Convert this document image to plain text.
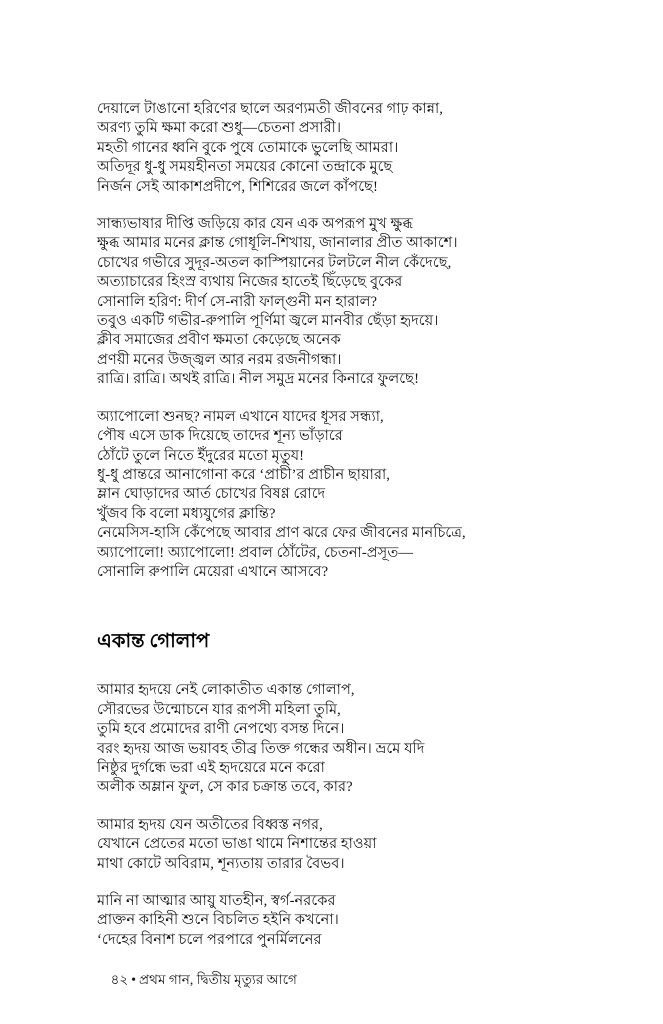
দেয়ালে টাঙানো হরিণের ছালে অরণ্যমতী জীবনের গাঢ় কান্না,
অরণ্য তুমি ক্ষমা করো শুধু—চেতনা প্রসারী।
মহতী গানের ধ্বনি বুকে পুষে তোমাকে ভুলেছি আমরা।
অতিদূর ধু-ধু সময়হীনতা সময়ের কোনো তন্দ্রাকে মুছে
নির্জন সেই আকাশপ্রদীপে, শিশিরের জলে কাঁপছে!
সান্ধ্যভাষার দীপ্তি জড়িয়ে কার যেন এক অপরূপ মুখ ক্ষুব্ধ
ক্ষুব্ধ আমার মনের ক্লান্ত গোধূলি-শিখায়, জানালার প্রীত আকাশে।
চোখের গভীরে সুদূর-অতল কাস্পিয়ানের টলটলে নীল কেঁদেছে,
অত্যাচারের হিংস্র ব্যথায় নিজের হাতেই ছিঁড়েছে বুকের
সোনালি হরিণ: দীর্ণ সে-নারী ফাল্গুনী মন হারাল?
তবুও একটি গভীর-রুপালি পূর্ণিমা জ্বলে মানবীর ছেঁড়া হৃদয়ে।
ক্লীব সমাজের প্রবীণ ক্ষমতা কেড়েছে অনেক
প্রণয়ী মনের উজ্জ্বল আর নরম রজনীগন্ধা।
রাত্রি। রাত্রি। অথই রাত্রি। নীল সমুদ্র মনের কিনারে ফুলছে!
অ্যাপোলো শুনছ? নামল এখানে যাদের ধূসর সন্ধ্যা,
পৌষ এসে ডাক দিয়েছে তাদের শূন্য ভাঁড়ারে
ঠোঁটে তুলে নিতে ইঁদুরের মতো মৃতু্য!
ধু-ধু প্রান্তরে আনাগোনা করে ‘প্রাচী’র প্রাচীন ছায়ারা,
ম্লান ঘোড়াদের আর্ত চোখের বিষণ্ণ রোদে
খুঁজব কি বলো মধ্যযুগের ক্লান্তি?
নেমেসিস-হাসি কেঁপেছে আবার প্রাণ ঝরে ফের জীবনের মানচিত্রে,
অ্যাপোলো! অ্যাপোলো! প্রবাল ঠোঁটের, চেতনা-প্রসূত—
সোনালি রুপালি মেয়েরা এখানে আসবে?
একান্ত গোলাপ
আমার হৃদয়ে নেই লোকাতীত একান্ত গোলাপ,
সৌরভের উন্মোচনে যার রূপসী মহিলা তুমি,
তুমি হবে প্রমোদের রাণী নেপথ্যে বসন্ত দিনে।
বরং হৃদয় আজ ভয়াবহ তীব্র তিক্ত গন্ধের অধীন। ভ্রমে যদি
নিষ্ঠুর দুর্গন্ধে ভরা এই হৃদয়েরে মনে করো
অলীক অম্লান ফুল, সে কার চক্রান্ত তবে, কার?
আমার হৃদয় যেন অতীতের বিধ্বস্ত নগর,
যেখানে প্রেতের মতো ভাঙা থামে নিশান্তের হাওয়া
মাথা কোটে অবিরাম, শূন্যতায় তারার বৈভব।
মানি না আত্মার আয়ু যাতহীন, স্বর্গ-নরকের
প্রাক্তন কাহিনী শুনে বিচলিত হইনি কখনো।
‘দেহের বিনাশ চলে পরপারে পুনর্মিলনের

৪২ • প্রথম গান, দ্বিতীয় মৃত্যুর আগে
